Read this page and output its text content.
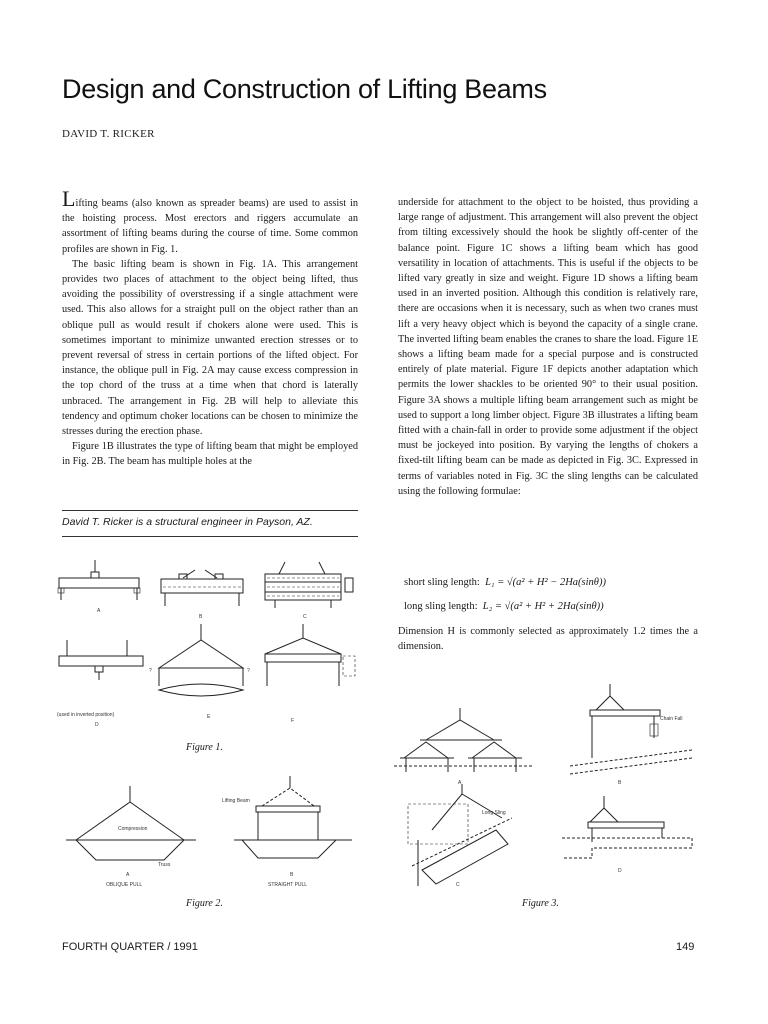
Design and Construction of Lifting Beams
DAVID T. RICKER

Lifting beams (also known as spreader beams) are used to assist in the hoisting process. Most erectors and riggers accumulate an assortment of lifting beams during the course of time. Some common profiles are shown in Fig. 1.

The basic lifting beam is shown in Fig. 1A. This arrangement provides two places of attachment to the object being lifted, thus avoiding the possibility of overstressing if a single attachment were used. This also allows for a straight pull on the object rather than an oblique pull as would result if chokers alone were used. This is sometimes important to minimize unwanted erection stresses or to prevent reversal of stress in certain portions of the lifted object. For instance, the oblique pull in Fig. 2A may cause excess compression in the top chord of the truss at a time when that chord is laterally unbraced. The arrangement in Fig. 2B will help to alleviate this tendency and optimum choker locations can be chosen to minimize the stresses during the erection phase.

Figure 1B illustrates the type of lifting beam that might be employed in Fig. 2B. The beam has multiple holes at the

David T. Ricker is a structural engineer in Payson, AZ.

underside for attachment to the object to be hoisted, thus providing a large range of adjustment. This arrangement will also prevent the object from tilting excessively should the hook be slightly off-center of the balance point. Figure 1C shows a lifting beam which has good versatility in location of attachments. This is useful if the objects to be lifted vary greatly in size and weight. Figure 1D shows a lifting beam used in an inverted position. Although this condition is relatively rare, there are occasions when it is necessary, such as when two cranes must lift a very heavy object which is beyond the capacity of a single crane. The inverted lifting beam enables the cranes to share the load. Figure 1E shows a lifting beam made for a special purpose and is constructed entirely of plate material. Figure 1F depicts another adaptation which permits the lower shackles to be oriented 90° to their usual position. Figure 3A shows a multiple lifting beam arrangement such as might be used to support a long limber object. Figure 3B illustrates a lifting beam fitted with a chain-fall in order to provide some adjustment if the object must be jockeyed into position. By varying the lengths of chokers a fixed-tilt lifting beam can be made as depicted in Fig. 3C. Expressed in terms of variables noted in Fig. 3C the sling lengths can be calculated using the following formulae:

short sling length: L₁ = √(a² + H² − 2Ha(sinθ))
long sling length: L₂ = √(a² + H² + 2Ha(sinθ))

Dimension H is commonly selected as approximately 1.2 times the a dimension.

A
B	C
(used in inverted position)
D
?	?
E
F
Figure 1.
Compression
Truss
A
OBLIQUE PULL
Lifting Beam
B
STRAIGHT PULL
Figure 2.
A
Chain Fall
B
Long Sling
C
D
Figure 3.
FOURTH QUARTER / 1991	149
